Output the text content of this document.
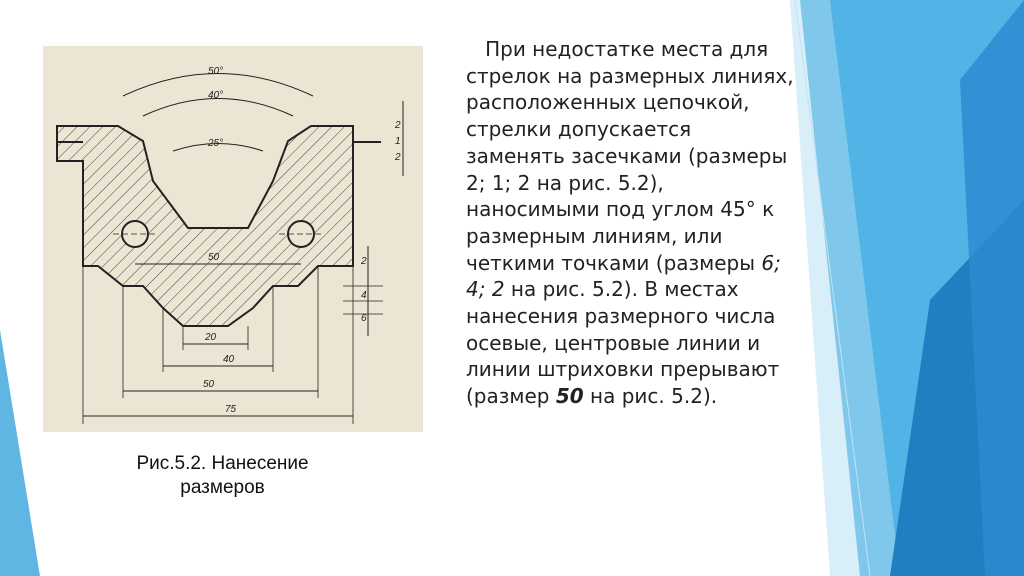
50°
40°
25°
50
20
40
50
75
2
1
2
2
4
6
Рис.5.2. Нанесение
размеров

При недостатке места для стрелок на размерных линиях, расположенных цепочкой, стрелки допускается заменять засечками (размеры 2; 1; 2 на рис. 5.2), наносимыми под углом 45° к размерным линиям, или четкими точками (размеры 6; 4; 2 на рис. 5.2). В местах нанесения размерного числа осевые, центровые линии и линии штриховки прерывают (размер 50 на рис. 5.2).
